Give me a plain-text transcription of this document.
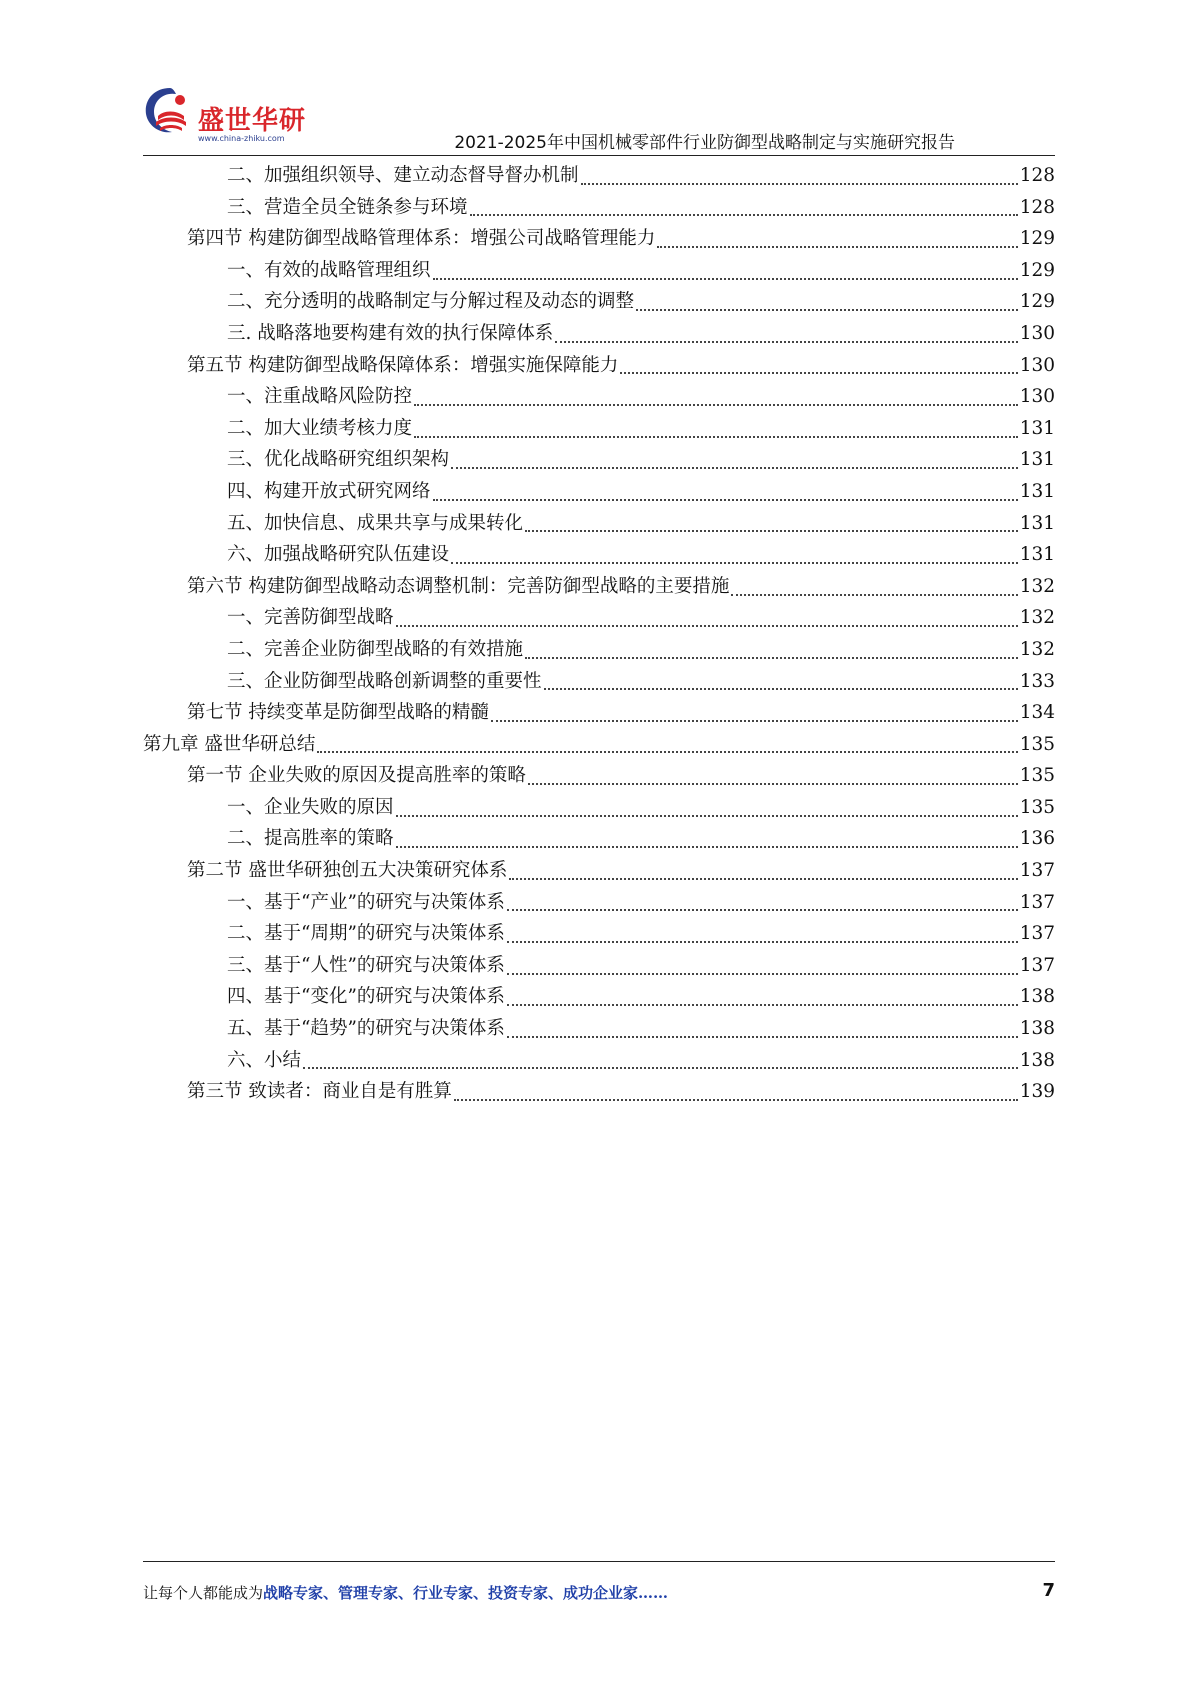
盛世华研
www.china-zhiku.com	2021-2025年中国机械零部件行业防御型战略制定与实施研究报告
二、加强组织领导、建立动态督导督办机制	128
三、营造全员全链条参与环境	128
第四节 构建防御型战略管理体系：增强公司战略管理能力	129
一、有效的战略管理组织	129
二、充分透明的战略制定与分解过程及动态的调整	129
三. 战略落地要构建有效的执行保障体系	130
第五节 构建防御型战略保障体系：增强实施保障能力	130
一、注重战略风险防控	130
二、加大业绩考核力度	131
三、优化战略研究组织架构	131
四、构建开放式研究网络	131
五、加快信息、成果共享与成果转化	131
六、加强战略研究队伍建设	131
第六节 构建防御型战略动态调整机制：完善防御型战略的主要措施	132
一、完善防御型战略	132
二、完善企业防御型战略的有效措施	132
三、企业防御型战略创新调整的重要性	133
第七节 持续变革是防御型战略的精髓	134
第九章 盛世华研总结	135
第一节 企业失败的原因及提高胜率的策略	135
一、企业失败的原因	135
二、提高胜率的策略	136
第二节 盛世华研独创五大决策研究体系	137
一、基于“产业”的研究与决策体系	137
二、基于“周期”的研究与决策体系	137
三、基于“人性”的研究与决策体系	137
四、基于“变化”的研究与决策体系	138
五、基于“趋势”的研究与决策体系	138
六、小结	138
第三节 致读者：商业自是有胜算	139
让每个人都能成为战略专家、管理专家、行业专家、投资专家、成功企业家……	7
